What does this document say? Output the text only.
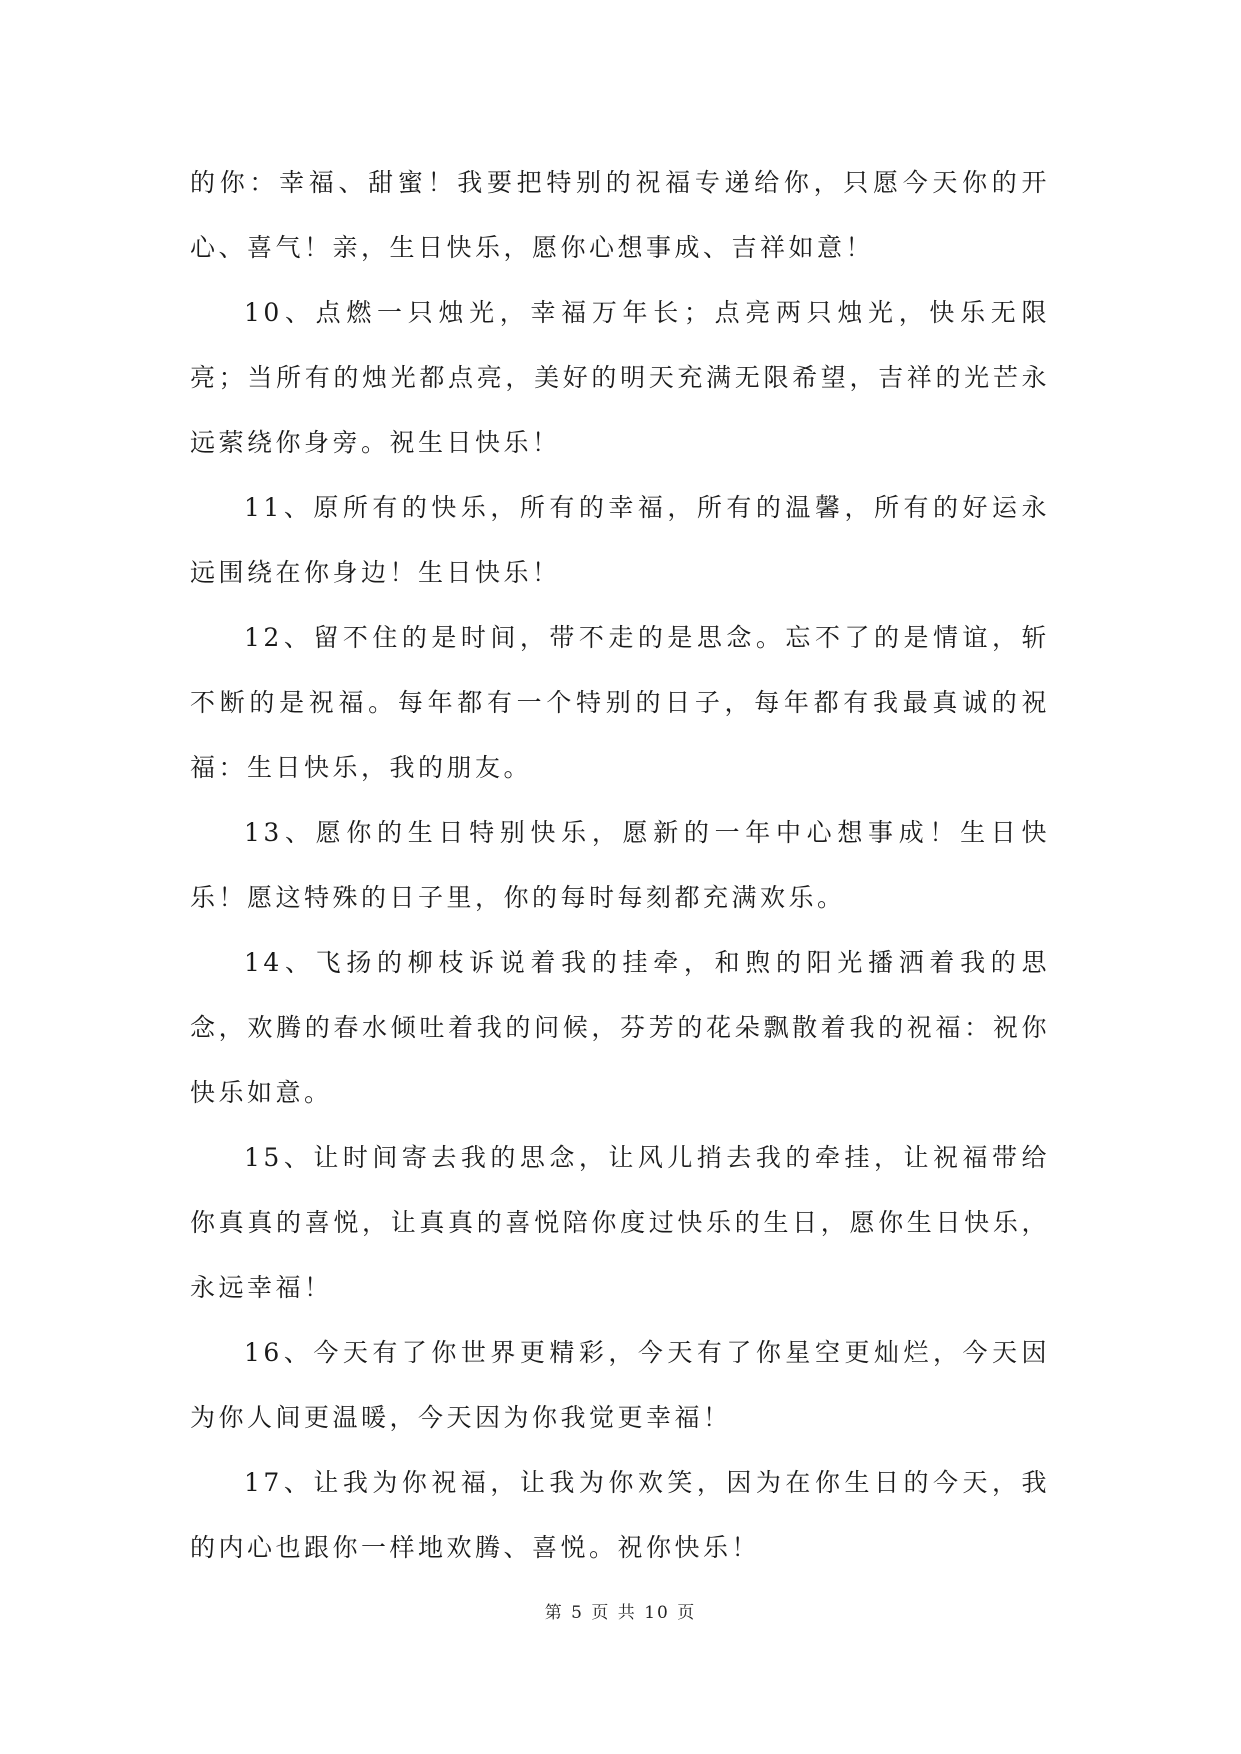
的你：幸福、甜蜜！我要把特别的祝福专递给你，只愿今天你的开心、喜气！亲，生日快乐，愿你心想事成、吉祥如意！

10、点燃一只烛光，幸福万年长；点亮两只烛光，快乐无限亮；当所有的烛光都点亮，美好的明天充满无限希望，吉祥的光芒永远萦绕你身旁。祝生日快乐！

11、原所有的快乐，所有的幸福，所有的温馨，所有的好运永远围绕在你身边！生日快乐！

12、留不住的是时间，带不走的是思念。忘不了的是情谊，斩不断的是祝福。每年都有一个特别的日子，每年都有我最真诚的祝福：生日快乐，我的朋友。

13、愿你的生日特别快乐，愿新的一年中心想事成！生日快乐！愿这特殊的日子里，你的每时每刻都充满欢乐。

14、飞扬的柳枝诉说着我的挂牵，和煦的阳光播洒着我的思念，欢腾的春水倾吐着我的问候，芬芳的花朵飘散着我的祝福：祝你快乐如意。

15、让时间寄去我的思念，让风儿捎去我的牵挂，让祝福带给你真真的喜悦，让真真的喜悦陪你度过快乐的生日，愿你生日快乐，永远幸福！

16、今天有了你世界更精彩，今天有了你星空更灿烂，今天因为你人间更温暖，今天因为你我觉更幸福！

17、让我为你祝福，让我为你欢笑，因为在你生日的今天，我的内心也跟你一样地欢腾、喜悦。祝你快乐！

第 5 页 共 10 页
